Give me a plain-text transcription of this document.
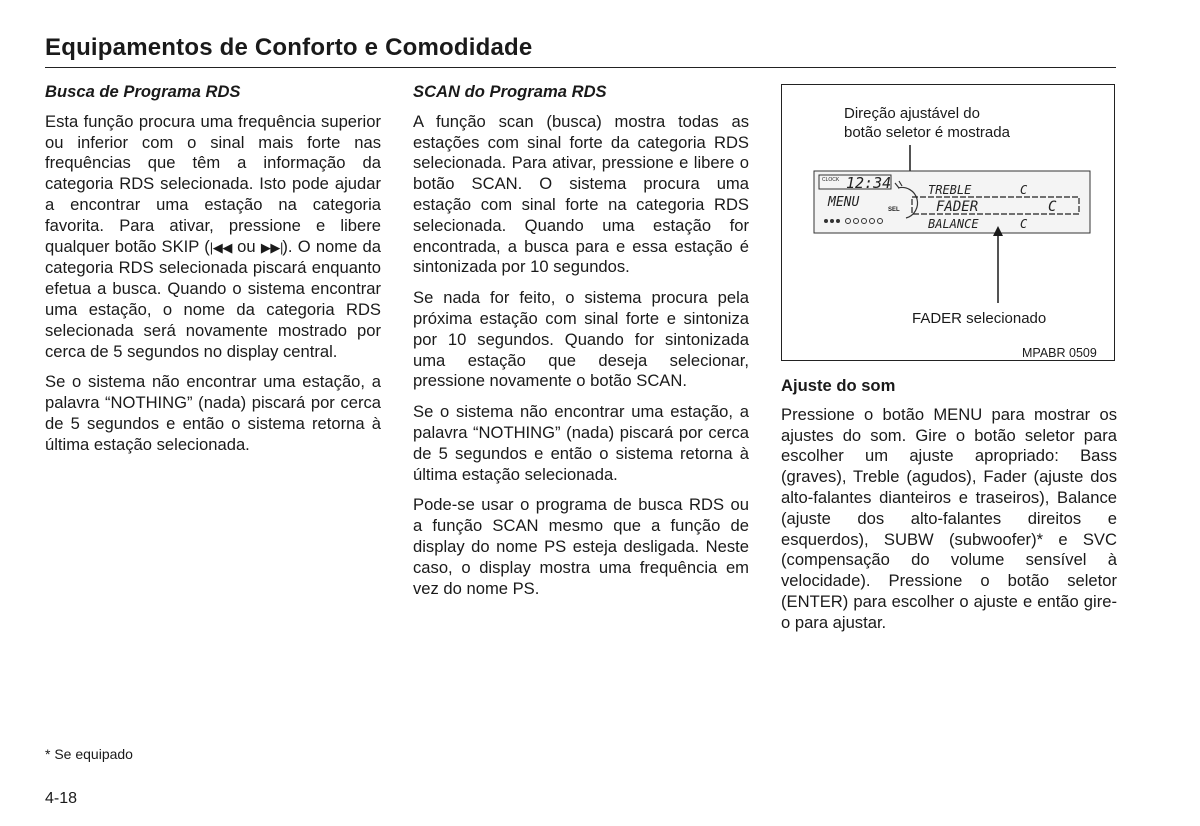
Equipamentos de Conforto e Comodidade
Busca de Programa RDS

Esta função procura uma frequência superior ou inferior com o sinal mais forte nas frequências que têm a informação da categoria RDS selecionada. Isto pode ajudar a encontrar uma estação na categoria favorita. Para ativar, pressione e libere qualquer botão SKIP (|◀◀ ou ▶▶|). O nome da categoria RDS selecionada piscará enquanto efetua a busca. Quando o sistema encontrar uma estação, o nome da categoria RDS selecionada será novamente mostrado por cerca de 5 segundos no display central.

Se o sistema não encontrar uma estação, a palavra “NOTHING” (nada) piscará por cerca de 5 segundos e então o sistema retorna à última estação selecionada.

SCAN do Programa RDS

A função scan (busca) mostra todas as estações com sinal forte da categoria RDS selecionada. Para ativar, pressione e libere o botão SCAN. O sistema procura uma estação com sinal forte na categoria RDS selecionada. Quando uma estação for encontrada, a busca para e essa estação é sintonizada por 10 segundos.

Se nada for feito, o sistema procura pela próxima estação com sinal forte e sintoniza por 10 segundos. Quando for sintonizada uma estação que deseja selecionar, pressione novamente o botão SCAN.

Se o sistema não encontrar uma estação, a palavra “NOTHING” (nada) piscará por cerca de 5 segundos e então o sistema retorna à última estação selecionada.

Pode-se usar o programa de busca RDS ou a função SCAN mesmo que a função de display do nome PS esteja desligada. Neste caso, o display mostra uma frequência em vez do nome PS.

Direção ajustável do
botão seletor é mostrada
CLOCK 12:34
MENU	SEL
TREBLE	C
FADER	C
BALANCE	C
FADER selecionado
MPABR 0509
Ajuste do som

Pressione o botão MENU para mostrar os ajustes do som. Gire o botão seletor para escolher um ajuste apropriado: Bass (graves), Treble (agudos), Fader (ajuste dos alto-falantes dianteiros e traseiros), Balance (ajuste dos alto-falantes direitos e esquerdos), SUBW (subwoofer)* e SVC (compensação do volume sensível à velocidade). Pressione o botão seletor (ENTER) para escolher o ajuste e então gire-o para ajustar.

* Se equipado
4-18
